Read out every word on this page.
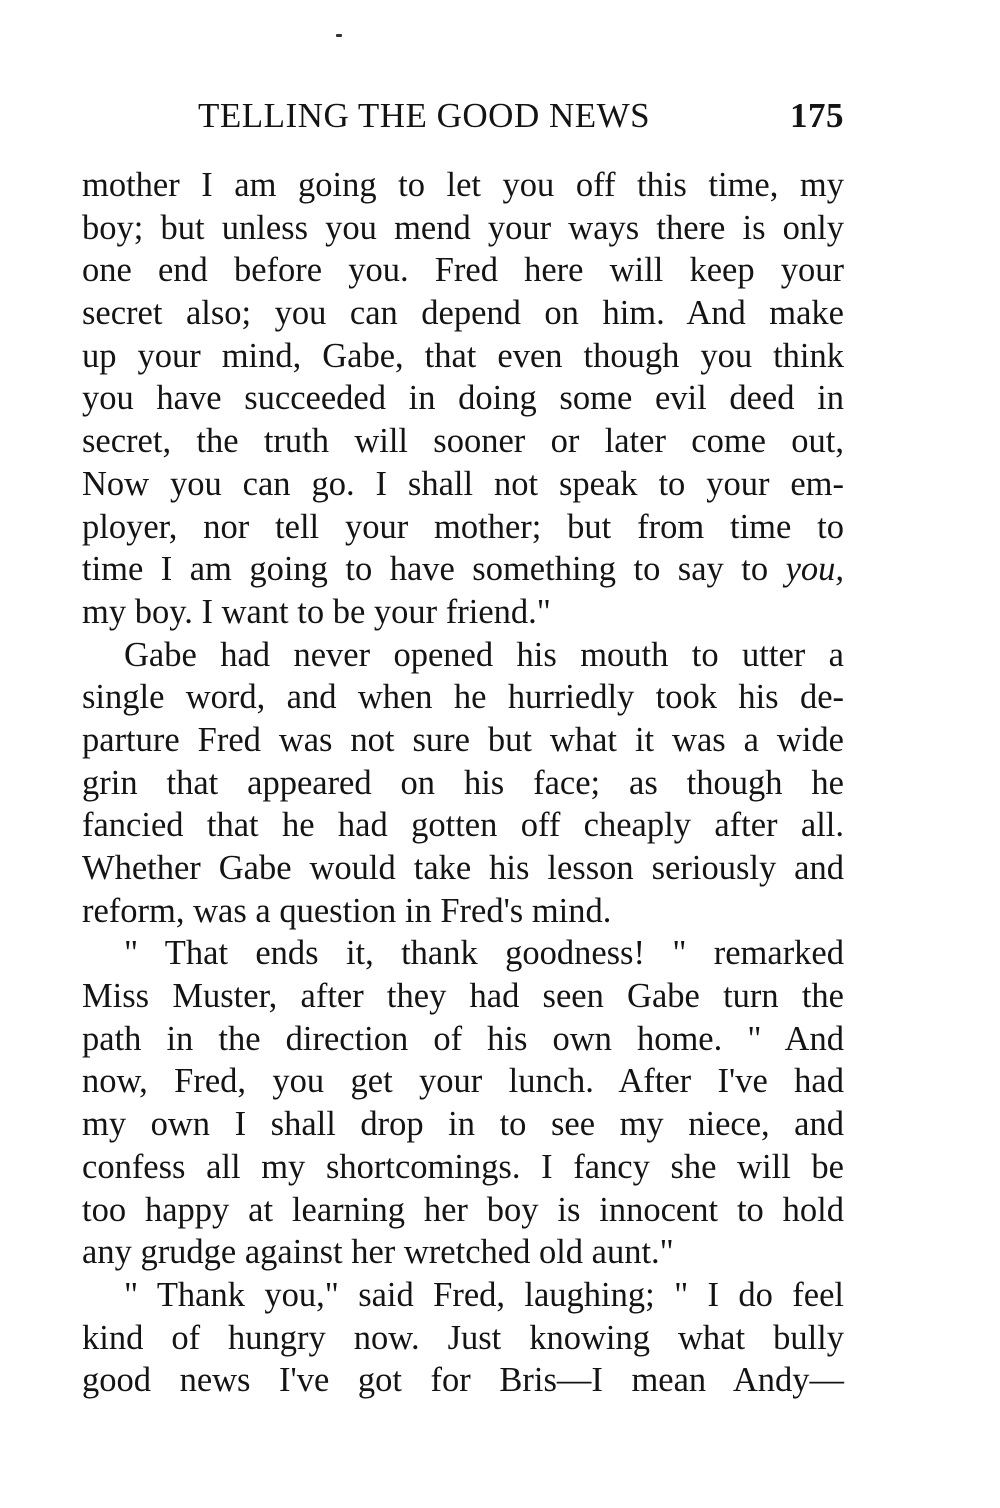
TELLING THE GOOD NEWS	175
mother I am going to let you off this time, my
boy; but unless you mend your ways there is only
one end before you. Fred here will keep your
secret also; you can depend on him. And make
up your mind, Gabe, that even though you think
you have succeeded in doing some evil deed in
secret, the truth will sooner or later come out,
Now you can go. I shall not speak to your em-
ployer, nor tell your mother; but from time to
time I am going to have something to say to you,
my boy. I want to be your friend."
Gabe had never opened his mouth to utter a
single word, and when he hurriedly took his de-
parture Fred was not sure but what it was a wide
grin that appeared on his face; as though he
fancied that he had gotten off cheaply after all.
Whether Gabe would take his lesson seriously and
reform, was a question in Fred's mind.
" That ends it, thank goodness! " remarked
Miss Muster, after they had seen Gabe turn the
path in the direction of his own home. " And
now, Fred, you get your lunch. After I've had
my own I shall drop in to see my niece, and
confess all my shortcomings. I fancy she will be
too happy at learning her boy is innocent to hold
any grudge against her wretched old aunt."
" Thank you," said Fred, laughing; " I do feel
kind of hungry now. Just knowing what bully
good news I've got for Bris—I mean Andy—
